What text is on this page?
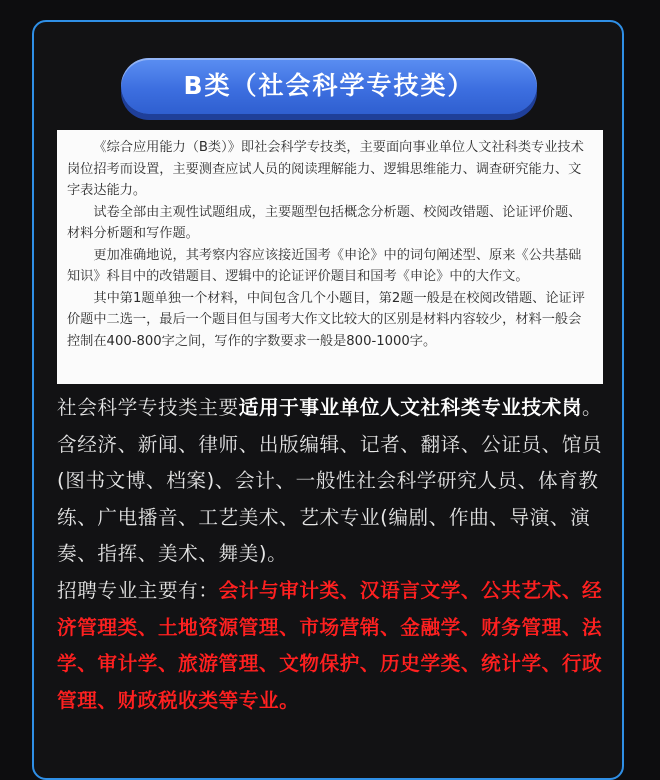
B类（社会科学专技类）

《综合应用能力（B类）》即社会科学专技类，主要面向事业单位人文社科类专业技术岗位招考而设置，主要测查应试人员的阅读理解能力、逻辑思维能力、调查研究能力、文字表达能力。

试卷全部由主观性试题组成，主要题型包括概念分析题、校阅改错题、论证评价题、材料分析题和写作题。

更加准确地说，其考察内容应该接近国考《申论》中的词句阐述型、原来《公共基础知识》科目中的改错题目、逻辑中的论证评价题目和国考《申论》中的大作文。

其中第1题单独一个材料，中间包含几个小题目，第2题一般是在校阅改错题、论证评价题中二选一，最后一个题目但与国考大作文比较大的区别是材料内容较少，材料一般会控制在400-800字之间，写作的字数要求一般是800-1000字。

社会科学专技类主要适用于事业单位人文社科类专业技术岗。含经济、新闻、律师、出版编辑、记者、翻译、公证员、馆员(图书文博、档案)、会计、一般性社会科学研究人员、体育教练、广电播音、工艺美术、艺术专业(编剧、作曲、导演、演奏、指挥、美术、舞美)。

招聘专业主要有：会计与审计类、汉语言文学、公共艺术、经济管理类、土地资源管理、市场营销、金融学、财务管理、法学、审计学、旅游管理、文物保护、历史学类、统计学、行政管理、财政税收类等专业。
